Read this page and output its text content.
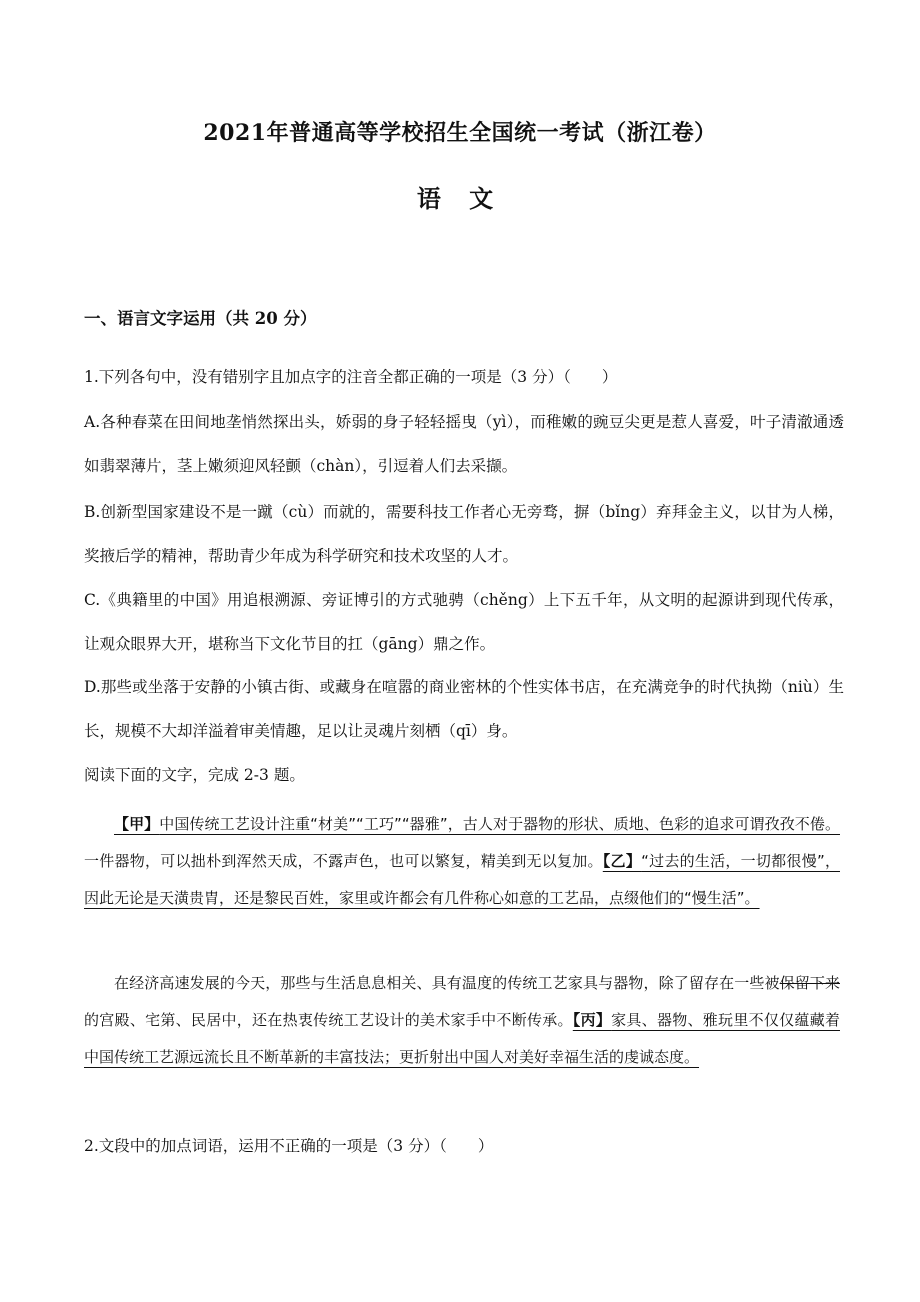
2021年普通高等学校招生全国统一考试（浙江卷）
语 文
一、语言文字运用（共 20 分）
1.下列各句中，没有错别字且加点字的注音全都正确的一项是（3 分）（　　）
A.各种春菜在田间地垄悄然探出头，娇弱的身子轻轻摇曳（yì），而稚嫩的豌豆尖更是惹人喜爱，叶子清澈通透如翡翠薄片，茎上嫩须迎风轻颤（chàn），引逗着人们去采撷。
B.创新型国家建设不是一蹴（cù）而就的，需要科技工作者心无旁骛，摒（bǐng）弃拜金主义，以甘为人梯，奖掖后学的精神，帮助青少年成为科学研究和技术攻坚的人才。
C.《典籍里的中国》用追根溯源、旁证博引的方式驰骋（chěng）上下五千年，从文明的起源讲到现代传承，让观众眼界大开，堪称当下文化节目的扛（gāng）鼎之作。
D.那些或坐落于安静的小镇古街、或藏身在喧嚣的商业密林的个性实体书店，在充满竞争的时代执拗（niù）生长，规模不大却洋溢着审美情趣，足以让灵魂片刻栖（qī）身。
阅读下面的文字，完成 2-3 题。
【甲】中国传统工艺设计注重“材美”“工巧”“器雅”，古人对于器物的形状、质地、色彩的追求可谓孜孜不倦。一件器物，可以拙朴到浑然天成，不露声色，也可以繁复，精美到无以复加。【乙】“过去的生活，一切都很慢”，因此无论是天潢贵胄，还是黎民百姓，家里或许都会有几件称心如意的工艺品，点缀他们的“慢生活”。
在经济高速发展的今天，那些与生活息息相关、具有温度的传统工艺家具与器物，除了留存在一些被保留下来的宫殿、宅第、民居中，还在热衷传统工艺设计的美术家手中不断传承。【丙】家具、器物、雅玩里不仅仅蕴藏着中国传统工艺源远流长且不断革新的丰富技法；更折射出中国人对美好幸福生活的虔诚态度。
2.文段中的加点词语，运用不正确的一项是（3 分）（　　）
